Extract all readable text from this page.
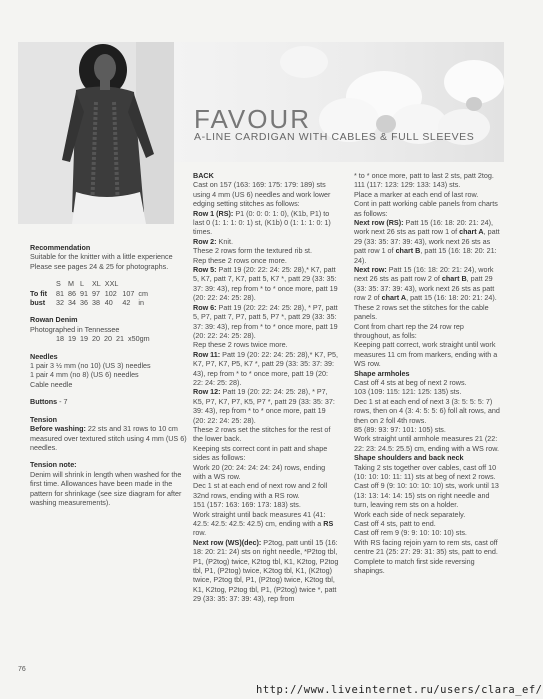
FAVOUR

A-LINE CARDIGAN WITH CABLES & FULL SLEEVES

Recommendation

Suitable for the knitter with a little experience Please see pages 24 & 25 for photographs.

	S	M	L	XL	XXL		
To fit	81	86	91	97	102	107	cm
bust	32	34	36	38	40	42	in

Rowan Denim

Photographed in Tennessee

	18	19	19	20	20	21	x50gm

Needles

1 pair 3 ½ mm (no 10) (US 3) needles

1 pair 4 mm (no 8) (US 6) needles

Cable needle

Buttons - 7

Tension

Before washing: 22 sts and 31 rows to 10 cm measured over textured stitch using 4 mm (US 6) needles.

Tension note:

Denim will shrink in length when washed for the first time. Allowances have been made in the pattern for shrinkage (see size diagram for after washing measurements).

BACK

Cast on 157 (163: 169: 175: 179: 189) sts using 4 mm (US 6) needles and work lower edging setting stitches as follows:

Row 1 (RS): P1 (0: 0: 0: 1: 0), (K1b, P1) to last 0 (1: 1: 1: 0: 1) st, (K1b) 0 (1: 1: 1: 0: 1) times.

Row 2: Knit.

These 2 rows form the textured rib st.

Rep these 2 rows once more.

Row 5: Patt 19 (20: 22: 24: 25: 28),* K7, patt 5, K7, patt 7, K7, patt 5, K7 *, patt 29 (33: 35: 37: 39: 43), rep from * to * once more, patt 19 (20: 22: 24: 25: 28).

Row 6: Patt 19 (20: 22: 24: 25: 28), * P7, patt 5, P7, patt 7, P7, patt 5, P7 *, patt 29 (33: 35: 37: 39: 43), rep from * to * once more, patt 19 (20: 22: 24: 25: 28).

Rep these 2 rows twice more.

Row 11: Patt 19 (20: 22: 24: 25: 28),* K7, P5, K7, P7, K7, P5, K7 *, patt 29 (33: 35: 37: 39: 43), rep from * to * once more, patt 19 (20: 22: 24: 25: 28).

Row 12: Patt 19 (20: 22: 24: 25: 28), * P7, K5, P7, K7, P7, K5, P7 *, patt 29 (33: 35: 37: 39: 43), rep from * to * once more, patt 19 (20: 22: 24: 25: 28).

These 2 rows set the stitches for the rest of the lower back.

Keeping sts correct cont in patt and shape sides as follows:

Work 20 (20: 24: 24: 24: 24) rows, ending with a WS row.

Dec 1 st at each end of next row and 2 foll 32nd rows, ending with a RS row.

151 (157: 163: 169: 173: 183) sts.

Work straight until back measures 41 (41: 42.5: 42.5: 42.5: 42.5) cm, ending with a RS row.

Next row (WS)(dec): P2tog, patt until 15 (16: 18: 20: 21: 24) sts on right needle, *P2tog tbl, P1, (P2tog) twice, K2tog tbl, K1, K2tog, P2tog tbl, P1, (P2tog) twice, K2tog tbl, K1, (K2tog) twice, P2tog tbl, P1, (P2tog) twice, K2tog tbl, K1, K2tog, P2tog tbl, P1, (P2tog) twice *, patt 29 (33: 35: 37: 39: 43), rep from

* to * once more, patt to last 2 sts, patt 2tog. 111 (117: 123: 129: 133: 143) sts.

Place a marker at each end of last row.

Cont in patt working cable panels from charts as follows:

Next row (RS): Patt 15 (16: 18: 20: 21: 24), work next 26 sts as patt row 1 of chart A, patt 29 (33: 35: 37: 39: 43), work next 26 sts as patt row 1 of chart B, patt 15 (16: 18: 20: 21: 24).

Next row: Patt 15 (16: 18: 20: 21: 24), work next 26 sts as patt row 2 of chart B, patt 29 (33: 35: 37: 39: 43), work next 26 sts as patt row 2 of chart A, patt 15 (16: 18: 20: 21: 24).

These 2 rows set the stitches for the cable panels.

Cont from chart rep the 24 row rep throughout, as folls:

Keeping patt correct, work straight until work measures 11 cm from markers, ending with a WS row.

Shape armholes

Cast off 4 sts at beg of next 2 rows.

103 (109: 115: 121: 125: 135) sts.

Dec 1 st at each end of next 3 (3: 5: 5: 5: 7) rows, then on 4 (3: 4: 5: 5: 6) foll alt rows, and then on 2 foll 4th rows.

85 (89: 93: 97: 101: 105) sts.

Work straight until armhole measures 21 (22: 22: 23: 24.5: 25.5) cm, ending with a WS row.

Shape shoulders and back neck

Taking 2 sts together over cables, cast off 10 (10: 10: 10: 11: 11) sts at beg of next 2 rows.

Cast off 9 (9: 10: 10: 10: 10) sts, work until 13 (13: 13: 14: 14: 15) sts on right needle and turn, leaving rem sts on a holder.

Work each side of neck separately.

Cast off 4 sts, patt to end.

Cast off rem 9 (9: 9: 10: 10: 10) sts.

With RS facing rejoin yarn to rem sts, cast off centre 21 (25: 27: 29: 31: 35) sts, patt to end.

Complete to match first side reversing shapings.

76
http://www.liveinternet.ru/users/clara_ef/
